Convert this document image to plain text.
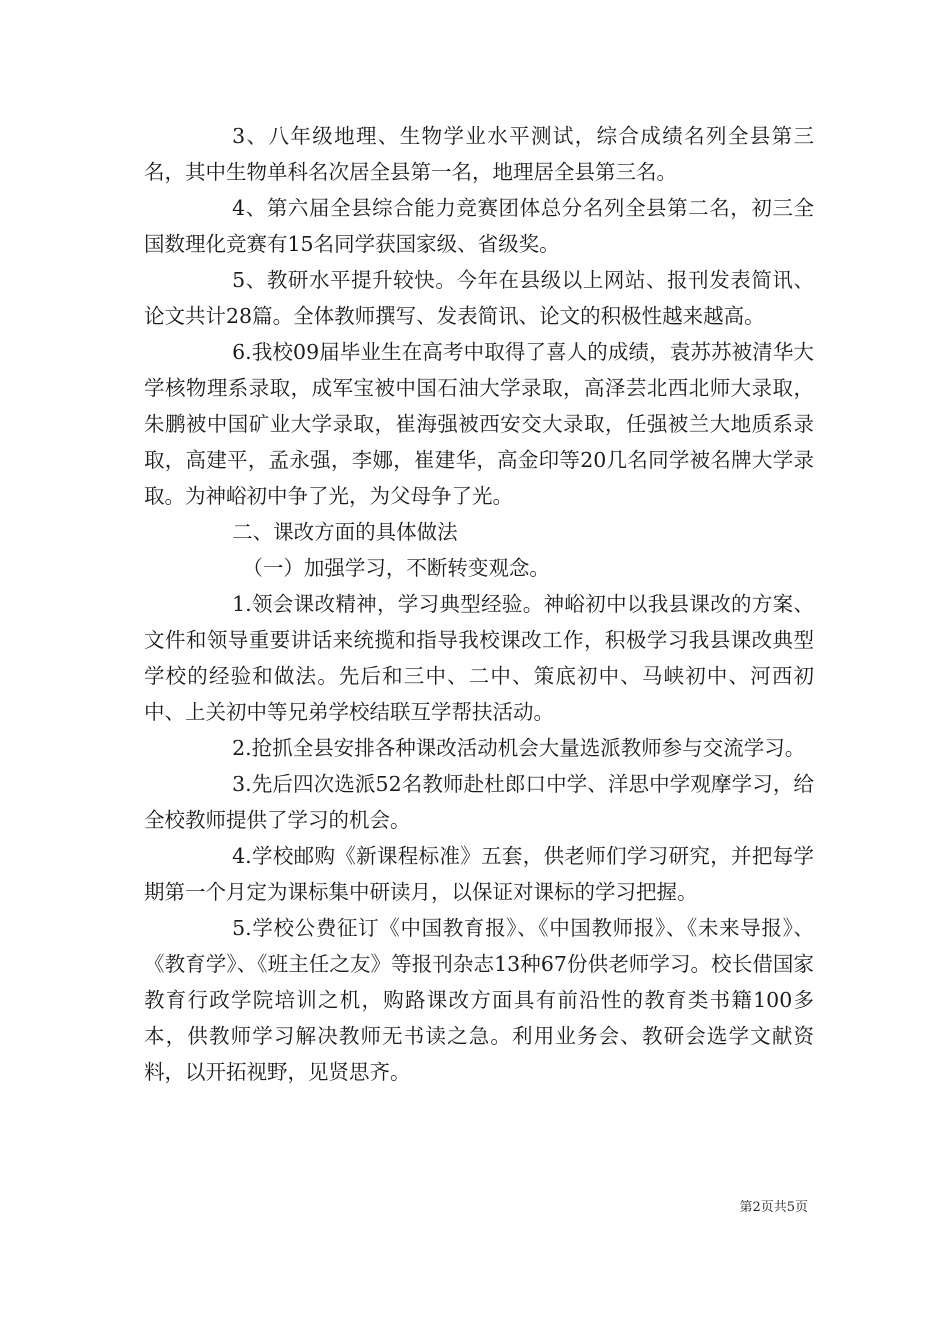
3、八年级地理、生物学业水平测试，综合成绩名列全县第三名，其中生物单科名次居全县第一名，地理居全县第三名。

4、第六届全县综合能力竞赛团体总分名列全县第二名，初三全国数理化竞赛有15名同学获国家级、省级奖。

5、教研水平提升较快。今年在县级以上网站、报刊发表简讯、论文共计28篇。全体教师撰写、发表简讯、论文的积极性越来越高。

6.我校09届毕业生在高考中取得了喜人的成绩，袁苏苏被清华大学核物理系录取，成军宝被中国石油大学录取，高泽芸北西北师大录取，朱鹏被中国矿业大学录取，崔海强被西安交大录取，任强被兰大地质系录取，高建平，孟永强，李娜，崔建华，高金印等20几名同学被名牌大学录取。为神峪初中争了光，为父母争了光。

二、课改方面的具体做法

（一）加强学习，不断转变观念。

1.领会课改精神，学习典型经验。神峪初中以我县课改的方案、文件和领导重要讲话来统揽和指导我校课改工作，积极学习我县课改典型学校的经验和做法。先后和三中、二中、策底初中、马峡初中、河西初中、上关初中等兄弟学校结联互学帮扶活动。

2.抢抓全县安排各种课改活动机会大量选派教师参与交流学习。

3.先后四次选派52名教师赴杜郎口中学、洋思中学观摩学习，给全校教师提供了学习的机会。

4.学校邮购《新课程标准》五套，供老师们学习研究，并把每学期第一个月定为课标集中研读月，以保证对课标的学习把握。

5.学校公费征订《中国教育报》、《中国教师报》、《未来导报》、《教育学》、《班主任之友》等报刊杂志13种67份供老师学习。校长借国家教育行政学院培训之机，购路课改方面具有前沿性的教育类书籍100多本，供教师学习解决教师无书读之急。利用业务会、教研会选学文献资料，以开拓视野，见贤思齐。

第2页共5页
